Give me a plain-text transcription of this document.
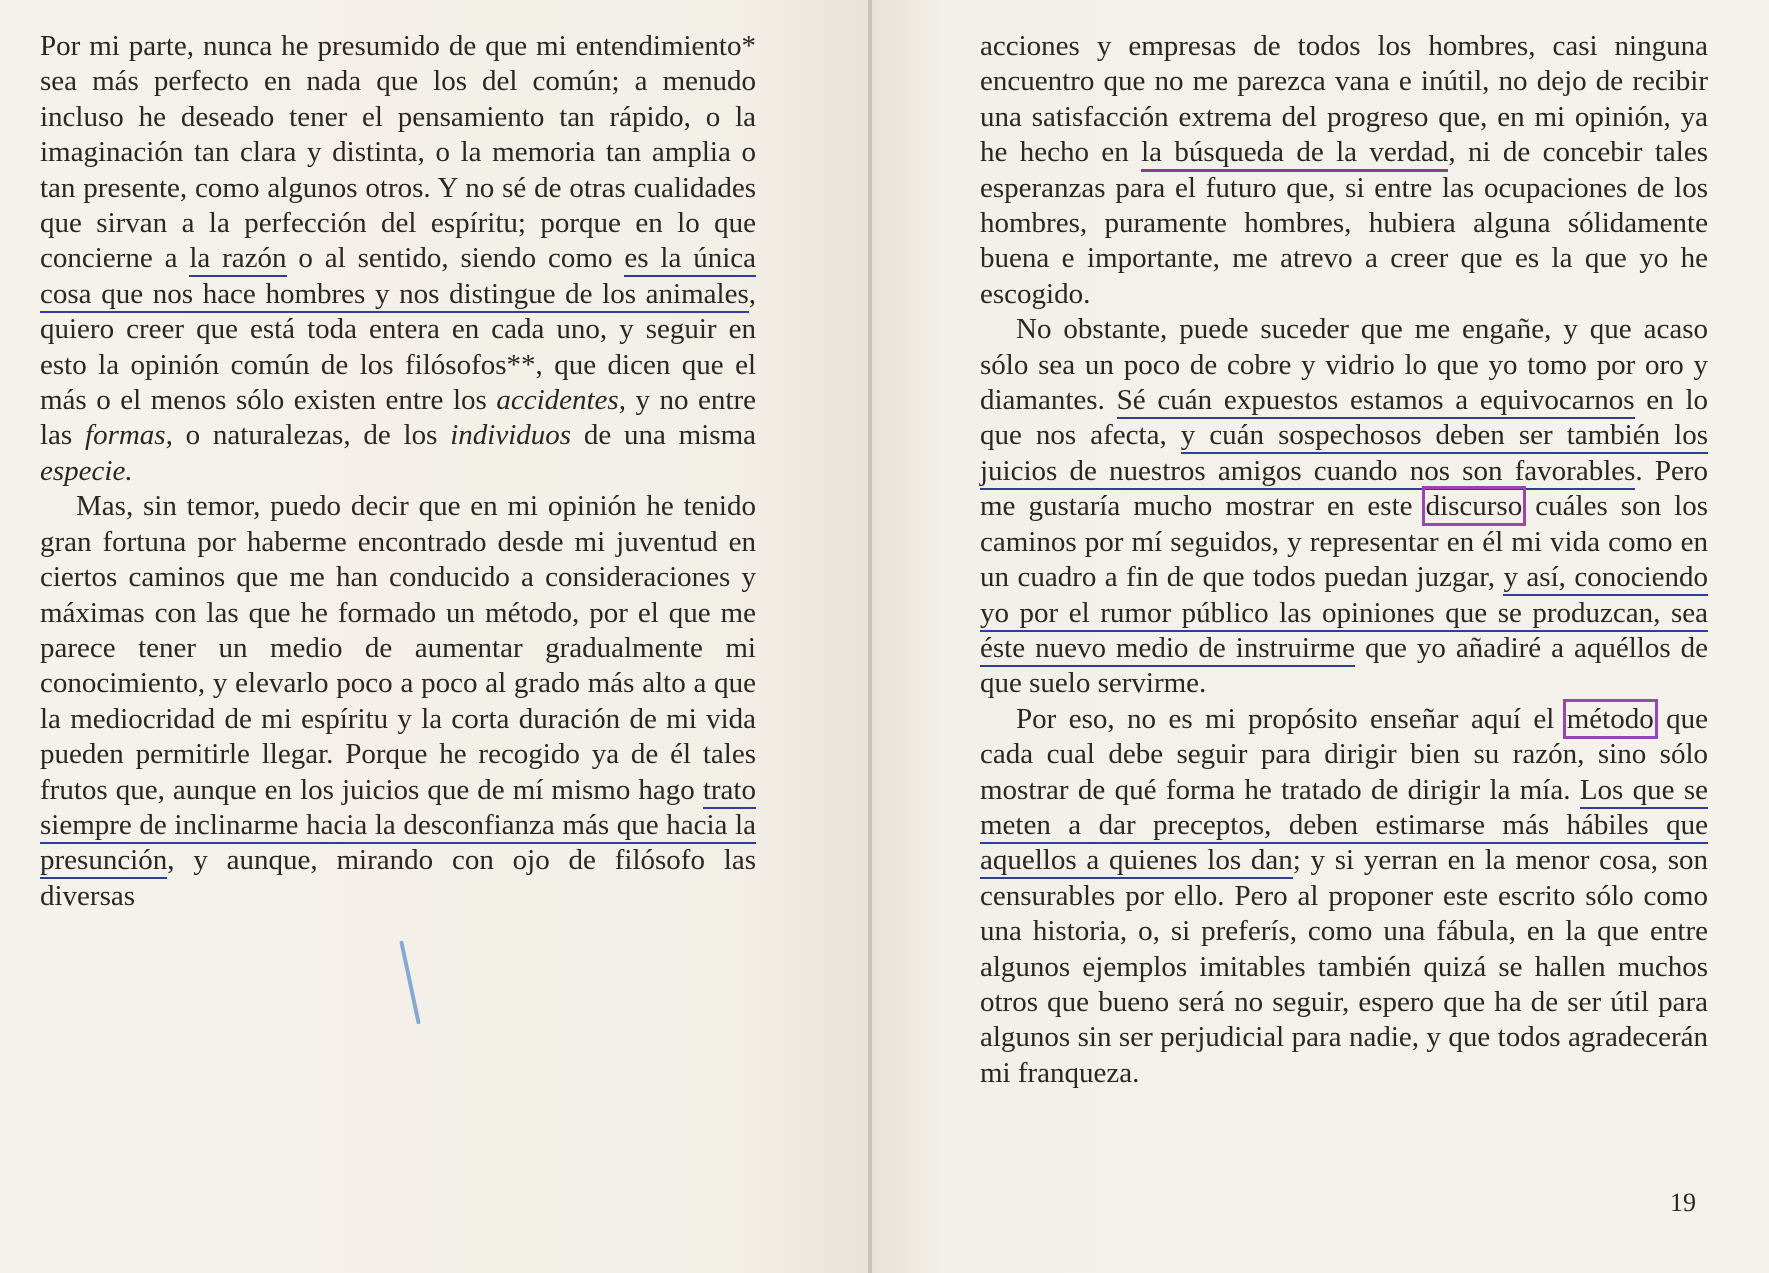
Por mi parte, nunca he presumido de que mi entendimiento* sea más perfecto en nada que los del común; a menudo incluso he deseado tener el pensamiento tan rápido, o la imaginación tan clara y distinta, o la memoria tan amplia o tan presente, como algunos otros. Y no sé de otras cualidades que sirvan a la perfección del espíritu; porque en lo que concierne a la razón o al sentido, siendo como es la única cosa que nos hace hombres y nos distingue de los animales, quiero creer que está toda entera en cada uno, y seguir en esto la opinión común de los filósofos**, que dicen que el más o el menos sólo existen entre los accidentes, y no entre las formas, o naturalezas, de los individuos de una misma especie.

Mas, sin temor, puedo decir que en mi opinión he tenido gran fortuna por haberme encontrado desde mi juventud en ciertos caminos que me han conducido a consideraciones y máximas con las que he formado un método, por el que me parece tener un medio de aumentar gradualmente mi conocimiento, y elevarlo poco a poco al grado más alto a que la mediocridad de mi espíritu y la corta duración de mi vida pueden permitirle llegar. Porque he recogido ya de él tales frutos que, aunque en los juicios que de mí mismo hago trato siempre de inclinarme hacia la desconfianza más que hacia la presunción, y aunque, mirando con ojo de filósofo las diversas

acciones y empresas de todos los hombres, casi ninguna encuentro que no me parezca vana e inútil, no dejo de recibir una satisfacción extrema del progreso que, en mi opinión, ya he hecho en la búsqueda de la verdad, ni de concebir tales esperanzas para el futuro que, si entre las ocupaciones de los hombres, puramente hombres, hubiera alguna sólidamente buena e importante, me atrevo a creer que es la que yo he escogido.

No obstante, puede suceder que me engañe, y que acaso sólo sea un poco de cobre y vidrio lo que yo tomo por oro y diamantes. Sé cuán expuestos estamos a equivocarnos en lo que nos afecta, y cuán sospechosos deben ser también los juicios de nuestros amigos cuando nos son favorables. Pero me gustaría mucho mostrar en este discurso cuáles son los caminos por mí seguidos, y representar en él mi vida como en un cuadro a fin de que todos puedan juzgar, y así, conociendo yo por el rumor público las opiniones que se produzcan, sea éste nuevo medio de instruirme que yo añadiré a aquéllos de que suelo servirme.

Por eso, no es mi propósito enseñar aquí el método que cada cual debe seguir para dirigir bien su razón, sino sólo mostrar de qué forma he tratado de dirigir la mía. Los que se meten a dar preceptos, deben estimarse más hábiles que aquellos a quienes los dan; y si yerran en la menor cosa, son censurables por ello. Pero al proponer este escrito sólo como una historia, o, si preferís, como una fábula, en la que entre algunos ejemplos imitables también quizá se hallen muchos otros que bueno será no seguir, espero que ha de ser útil para algunos sin ser perjudicial para nadie, y que todos agradecerán mi franqueza.

19
